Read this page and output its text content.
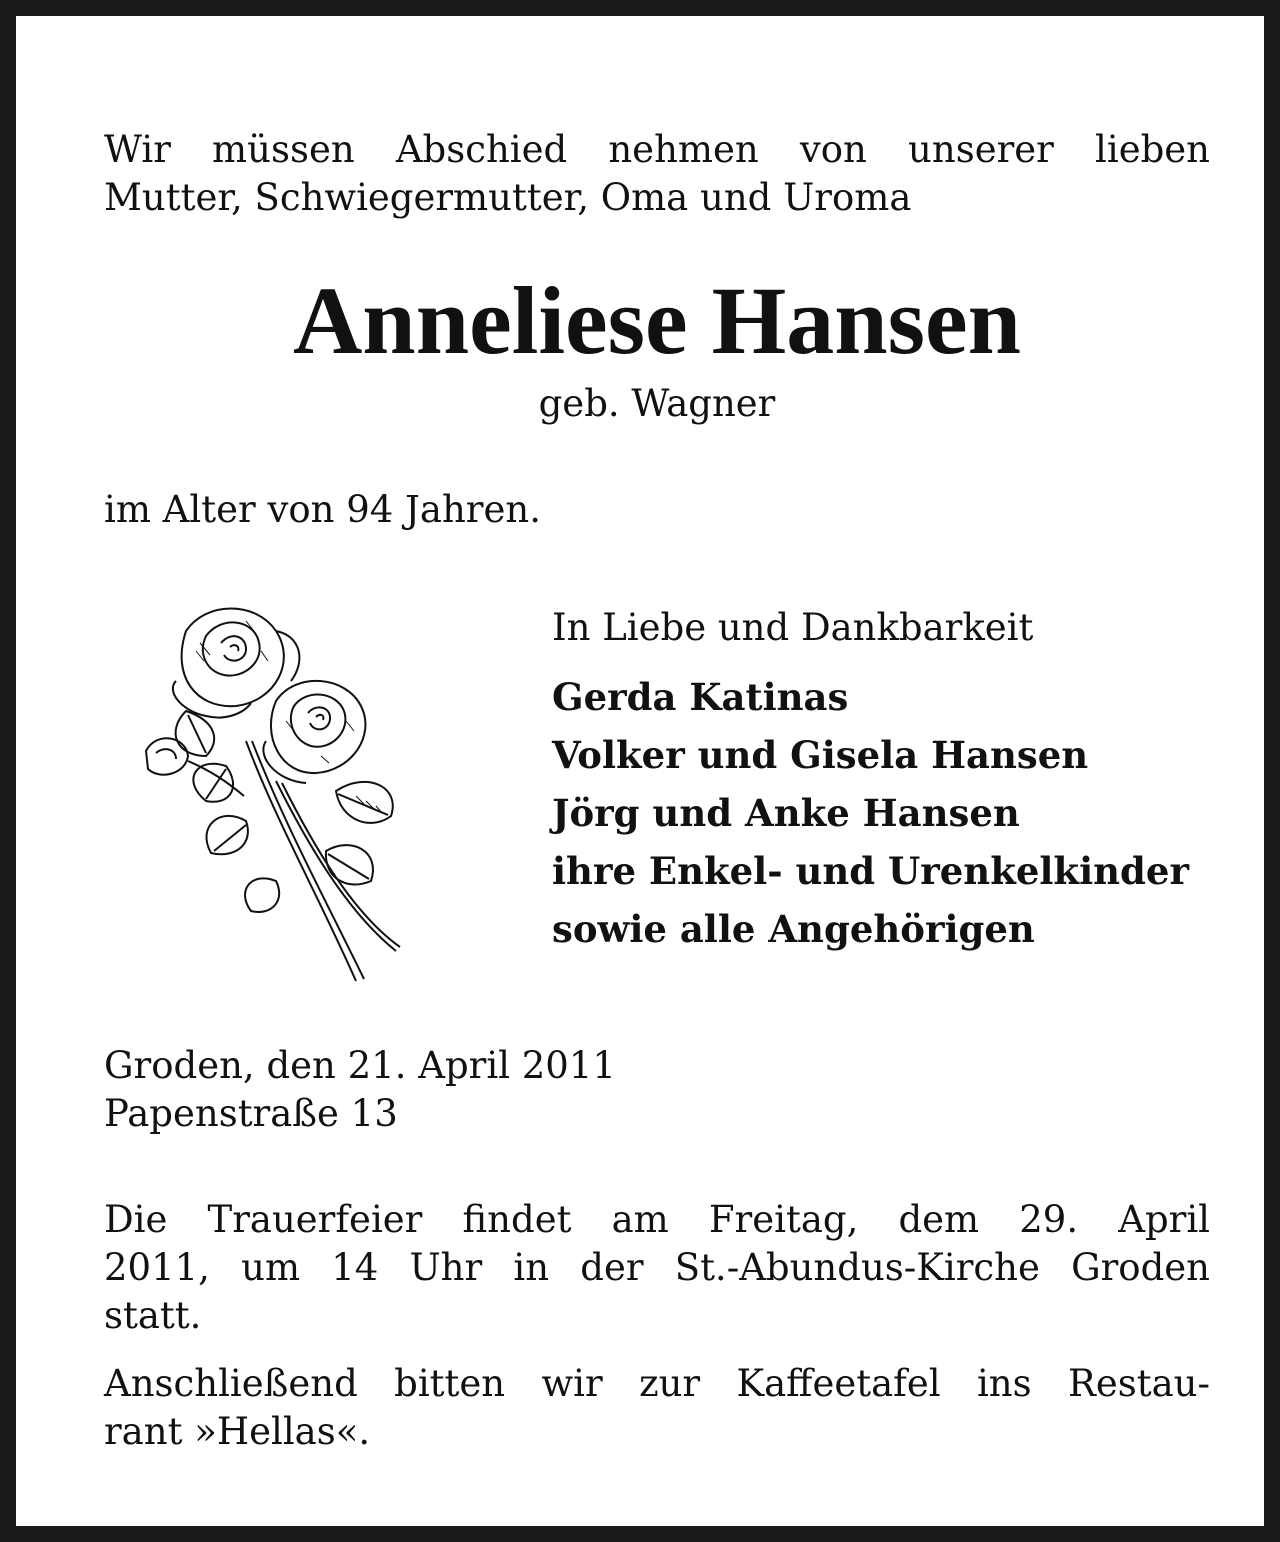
Wir müssen Abschied nehmen von unserer lieben
Mutter, Schwiegermutter, Oma und Uroma
Anneliese Hansen
geb. Wagner
im Alter von 94 Jahren.
In Liebe und Dankbarkeit
Gerda Katinas
Volker und Gisela Hansen
Jörg und Anke Hansen
ihre Enkel- und Urenkelkinder
sowie alle Angehörigen
Groden, den 21. April 2011
Papenstraße 13
Die Trauerfeier findet am Freitag, dem 29. April
2011, um 14 Uhr in der St.-Abundus-Kirche Groden
statt.
Anschließend bitten wir zur Kaffeetafel ins Restau-
rant »Hellas«.
